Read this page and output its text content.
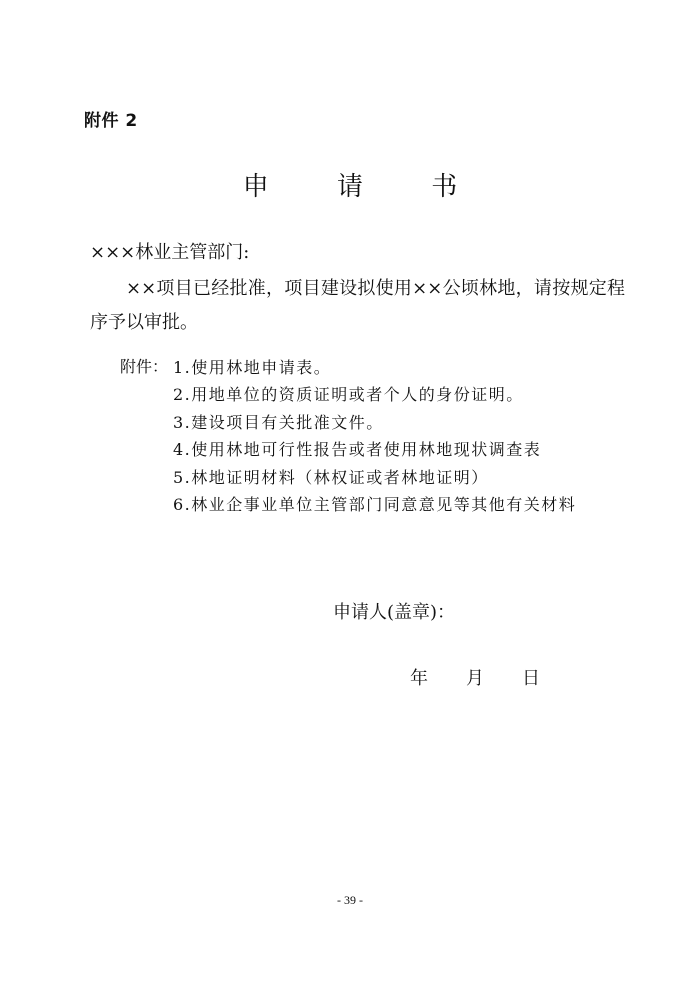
附件 2
申 请 书
×××林业主管部门:
××项目已经批准，项目建设拟使用××公顷林地，请按规定程序予以审批。
附件： 1.使用林地申请表。
2.用地单位的资质证明或者个人的身份证明。
3.建设项目有关批准文件。
4.使用林地可行性报告或者使用林地现状调查表
5.林地证明材料（林权证或者林地证明）
6.林业企事业单位主管部门同意意见等其他有关材料
申请人(盖章)：
年 月 日
- 39 -
